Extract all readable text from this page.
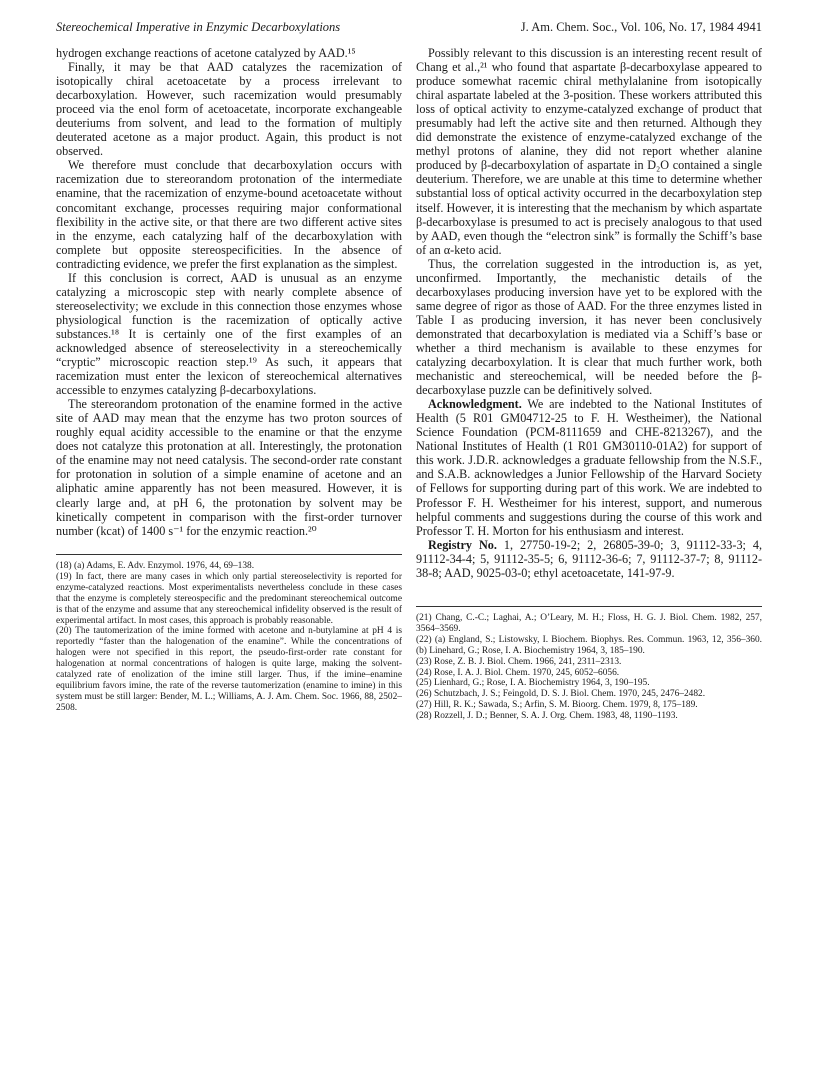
Stereochemical Imperative in Enzymic Decarboxylations	J. Am. Chem. Soc., Vol. 106, No. 17, 1984 4941

hydrogen exchange reactions of acetone catalyzed by AAD.¹⁵

Finally, it may be that AAD catalyzes the racemization of isotopically chiral acetoacetate by a process irrelevant to decarboxylation. However, such racemization would presumably proceed via the enol form of acetoacetate, incorporate exchangeable deuteriums from solvent, and lead to the formation of multiply deuterated acetone as a major product. Again, this product is not observed.

We therefore must conclude that decarboxylation occurs with racemization due to stereorandom protonation of the intermediate enamine, that the racemization of enzyme-bound acetoacetate without concomitant exchange, processes requiring major conformational flexibility in the active site, or that there are two different active sites in the enzyme, each catalyzing half of the decarboxylation with complete but opposite stereospecificities. In the absence of contradicting evidence, we prefer the first explanation as the simplest.

If this conclusion is correct, AAD is unusual as an enzyme catalyzing a microscopic step with nearly complete absence of stereoselectivity; we exclude in this connection those enzymes whose physiological function is the racemization of optically active substances.¹⁸ It is certainly one of the first examples of an acknowledged absence of stereoselectivity in a stereochemically “cryptic” microscopic reaction step.¹⁹ As such, it appears that racemization must enter the lexicon of stereochemical alternatives accessible to enzymes catalyzing β-decarboxylations.

The stereorandom protonation of the enamine formed in the active site of AAD may mean that the enzyme has two proton sources of roughly equal acidity accessible to the enamine or that the enzyme does not catalyze this protonation at all. Interestingly, the protonation of the enamine may not need catalysis. The second-order rate constant for protonation in solution of a simple enamine of acetone and an aliphatic amine apparently has not been measured. However, it is clearly large and, at pH 6, the protonation by solvent may be kinetically competent in comparison with the first-order turnover number (kcat) of 1400 s⁻¹ for the enzymic reaction.²⁰

(18) (a) Adams, E. Adv. Enzymol. 1976, 44, 69–138.

(19) In fact, there are many cases in which only partial stereoselectivity is reported for enzyme-catalyzed reactions. Most experimentalists nevertheless conclude in these cases that the enzyme is completely stereospecific and the predominant stereochemical outcome is that of the enzyme and assume that any stereochemical infidelity observed is the result of experimental artifact. In most cases, this approach is probably reasonable.

(20) The tautomerization of the imine formed with acetone and n-butylamine at pH 4 is reportedly “faster than the halogenation of the enamine”. While the concentrations of halogen were not specified in this report, the pseudo-first-order rate constant for halogenation at normal concentrations of halogen is quite large, making the solvent-catalyzed rate of enolization of the imine still larger. Thus, if the imine–enamine equilibrium favors imine, the rate of the reverse tautomerization (enamine to imine) in this system must be still larger: Bender, M. L.; Williams, A. J. Am. Chem. Soc. 1966, 88, 2502–2508.

Possibly relevant to this discussion is an interesting recent result of Chang et al.,²¹ who found that aspartate β-decarboxylase appeared to produce somewhat racemic chiral methylalanine from isotopically chiral aspartate labeled at the 3-position. These workers attributed this loss of optical activity to enzyme-catalyzed exchange of product that presumably had left the active site and then returned. Although they did demonstrate the existence of enzyme-catalyzed exchange of the methyl protons of alanine, they did not report whether alanine produced by β-decarboxylation of aspartate in D₂O contained a single deuterium. Therefore, we are unable at this time to determine whether substantial loss of optical activity occurred in the decarboxylation step itself. However, it is interesting that the mechanism by which aspartate β-decarboxylase is presumed to act is precisely analogous to that used by AAD, even though the “electron sink” is formally the Schiff’s base of an α-keto acid.

Thus, the correlation suggested in the introduction is, as yet, unconfirmed. Importantly, the mechanistic details of the decarboxylases producing inversion have yet to be explored with the same degree of rigor as those of AAD. For the three enzymes listed in Table I as producing inversion, it has never been conclusively demonstrated that decarboxylation is mediated via a Schiff’s base or whether a third mechanism is available to these enzymes for catalyzing decarboxylation. It is clear that much further work, both mechanistic and stereochemical, will be needed before the β-decarboxylase puzzle can be definitively solved.

Acknowledgment. We are indebted to the National Institutes of Health (5 R01 GM04712-25 to F. H. Westheimer), the National Science Foundation (PCM-8111659 and CHE-8213267), and the National Institutes of Health (1 R01 GM30110-01A2) for support of this work. J.D.R. acknowledges a graduate fellowship from the N.S.F., and S.A.B. acknowledges a Junior Fellowship of the Harvard Society of Fellows for supporting during part of this work. We are indebted to Professor F. H. Westheimer for his interest, support, and numerous helpful comments and suggestions during the course of this work and Professor T. H. Morton for his enthusiasm and interest.

Registry No. 1, 27750-19-2; 2, 26805-39-0; 3, 91112-33-3; 4, 91112-34-4; 5, 91112-35-5; 6, 91112-36-6; 7, 91112-37-7; 8, 91112-38-8; AAD, 9025-03-0; ethyl acetoacetate, 141-97-9.

(21) Chang, C.-C.; Laghai, A.; O’Leary, M. H.; Floss, H. G. J. Biol. Chem. 1982, 257, 3564–3569.

(22) (a) England, S.; Listowsky, I. Biochem. Biophys. Res. Commun. 1963, 12, 356–360. (b) Linehard, G.; Rose, I. A. Biochemistry 1964, 3, 185–190.

(23) Rose, Z. B. J. Biol. Chem. 1966, 241, 2311–2313.

(24) Rose, I. A. J. Biol. Chem. 1970, 245, 6052–6056.

(25) Lienhard, G.; Rose, I. A. Biochemistry 1964, 3, 190–195.

(26) Schutzbach, J. S.; Feingold, D. S. J. Biol. Chem. 1970, 245, 2476–2482.

(27) Hill, R. K.; Sawada, S.; Arfin, S. M. Bioorg. Chem. 1979, 8, 175–189.

(28) Rozzell, J. D.; Benner, S. A. J. Org. Chem. 1983, 48, 1190–1193.
